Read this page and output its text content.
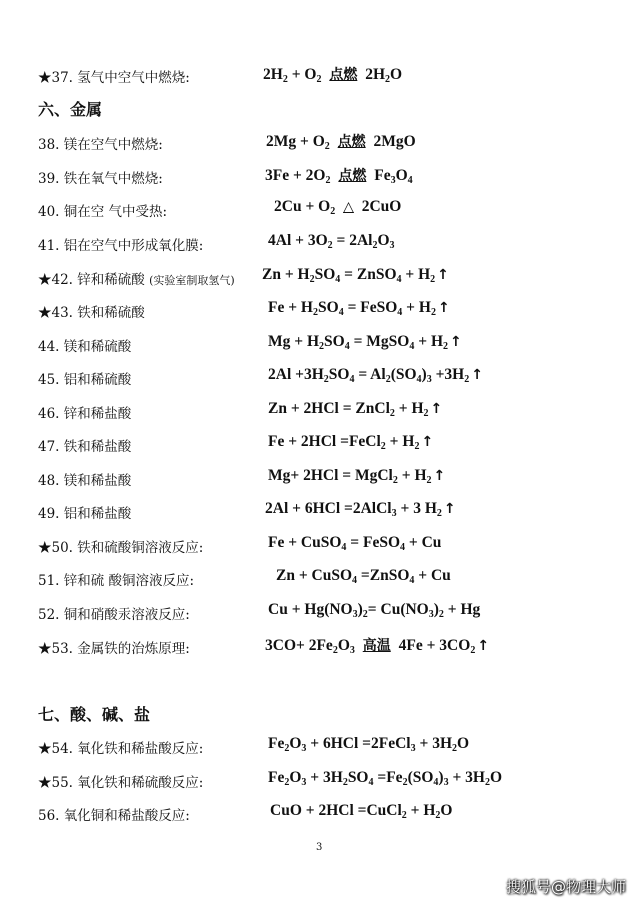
六、金属
七、酸、碱、盐
3
搜狐号@物理大师
★37. 氢气中空气中燃烧:	$2H_2 + O_2$ 点燃 $2H_2O$
38. 镁在空气中燃烧:	$2Mg + O_2$ 点燃 2MgO
39. 铁在氧气中燃烧:	$3Fe + 2O_2$ 点燃 $Fe_3O_4$
40. 铜在空 气中受热:	$2Cu + O_2$ △ 2CuO
41. 铝在空气中形成氧化膜:	$4Al + 3O_2 = 2Al_2O_3$
★42. 锌和稀硫酸 (实验室制取氢气) $Zn + H_2SO_4$ = ZnSO$_4$ + $H_2$ ↑
★43. 铁和稀硫酸	$Fe + H_2SO_4$ = FeSO$_4$ + $H_2$ ↑
44. 镁和稀硫酸	$Mg + H_2SO_4$ = MgSO$_4$ + $H_2$ ↑
45. 铝和稀硫酸	$2Al +3H_2SO_4 = Al_2(SO_4)_3 +3H_2$ ↑
46. 锌和稀盐酸	Zn + 2HCl = ZnCl$_2$ + $H_2$ ↑
47. 铁和稀盐酸	Fe + 2HCl =FeCl$_2$ + $H_2$ ↑
48. 镁和稀盐酸	Mg+ 2HCl = MgCl$_2$ + $H_2$ ↑
49. 铝和稀盐酸	2Al + 6HCl =2AlCl$_3$ + 3 $H_2$ ↑
★50. 铁和硫酸铜溶液反应:	Fe + CuSO$_4$ = FeSO$_4$ + Cu
51. 锌和硫 酸铜溶液反应:	Zn + CuSO$_4$ =ZnSO$_4$ + Cu
52. 铜和硝酸汞溶液反应:	$Cu + Hg(NO_3)_2= Cu(NO_3)_2 + Hg$
★53. 金属铁的治炼原理:	$3CO+ 2Fe_2O_3$ 高温 $4Fe + 3CO_2$ ↑
★54. 氧化铁和稀盐酸反应:	$Fe_2O_3 + 6HCl$ =2FeCl$_3$ + $3H_2O$
★55. 氧化铁和稀硫酸反应:	$Fe_2O_3 + 3H_2SO_4 =Fe_2(SO_4)_3 + 3H_2O$
56. 氧化铜和稀盐酸反应:	CuO + 2HCl =CuCl$_2$ + $H_2O$
